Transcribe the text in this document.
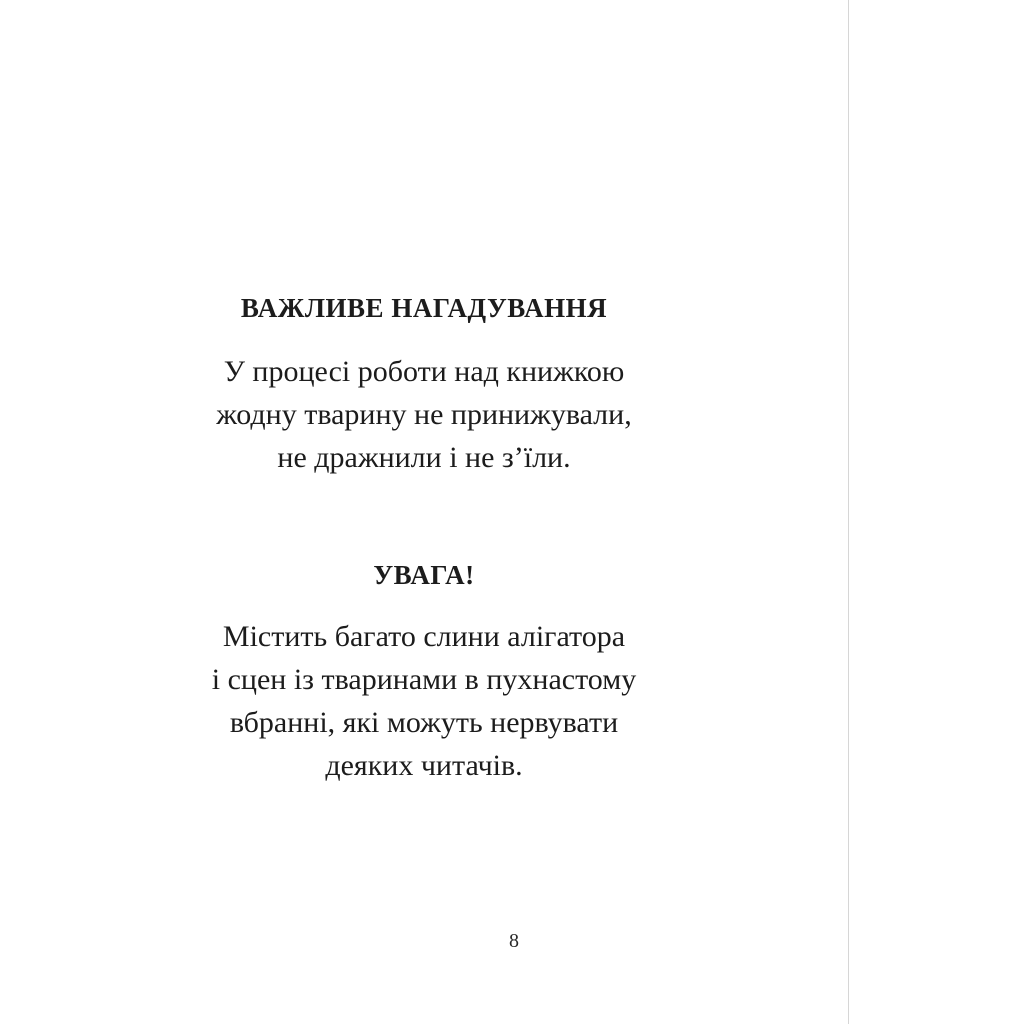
ВАЖЛИВЕ НАГАДУВАННЯ

У процесі роботи над книжкою
жодну тварину не принижували,
не дражнили і не з’їли.

УВАГА!

Містить багато слини алігатора
і сцен із тваринами в пухнастому
вбранні, які можуть нервувати
деяких читачів.

8
